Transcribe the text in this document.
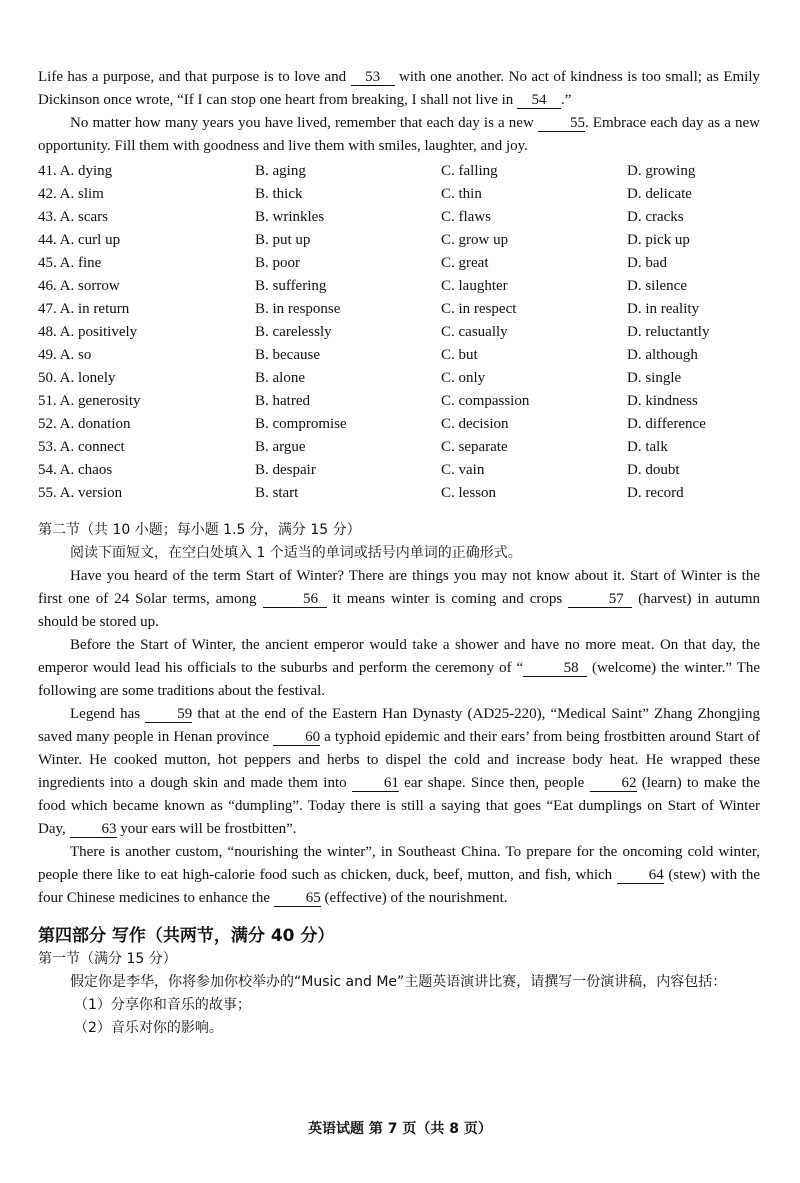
Life has a purpose, and that purpose is to love and 53 with one another. No act of kindness is too small; as Emily Dickinson once wrote, “If I can stop one heart from breaking, I shall not live in 54 .”

No matter how many years you have lived, remember that each day is a new 55. Embrace each day as a new opportunity. Fill them with goodness and live them with smiles, laughter, and joy.

41. A. dying	B. aging	C. falling	D. growing
42. A. slim	B. thick	C. thin	D. delicate
43. A. scars	B. wrinkles	C. flaws	D. cracks
44. A. curl up	B. put up	C. grow up	D. pick up
45. A. fine	B. poor	C. great	D. bad
46. A. sorrow	B. suffering	C. laughter	D. silence
47. A. in return	B. in response	C. in respect	D. in reality
48. A. positively	B. carelessly	C. casually	D. reluctantly
49. A. so	B. because	C. but	D. although
50. A. lonely	B. alone	C. only	D. single
51. A. generosity	B. hatred	C. compassion	D. kindness
52. A. donation	B. compromise	C. decision	D. difference
53. A. connect	B. argue	C. separate	D. talk
54. A. chaos	B. despair	C. vain	D. doubt
55. A. version	B. start	C. lesson	D. record

第二节（共 10 小题；每小题 1.5 分，满分 15 分）

阅读下面短文，在空白处填入 1 个适当的单词或括号内单词的正确形式。

Have you heard of the term Start of Winter? There are things you may not know about it. Start of Winter is the first one of 24 Solar terms, among	56 it means winter is coming and crops	57 (harvest) in autumn should be stored up.

Before the Start of Winter, the ancient emperor would take a shower and have no more meat. On that day, the emperor would lead his officials to the suburbs and perform the ceremony of “	58 (welcome) the winter.” The following are some traditions about the festival.

Legend has 59 that at the end of the Eastern Han Dynasty (AD25-220), “Medical Saint” Zhang Zhongjing saved many people in Henan province 60 a typhoid epidemic and their ears’ from being frostbitten around Start of Winter. He cooked mutton, hot peppers and herbs to dispel the cold and increase body heat. He wrapped these ingredients into a dough skin and made them into 61 ear shape. Since then, people 62 (learn) to make the food which became known as “dumpling”. Today there is still a saying that goes “Eat dumplings on Start of Winter Day, 63 your ears will be frostbitten”.

There is another custom, “nourishing the winter”, in Southeast China. To prepare for the oncoming cold winter, people there like to eat high-calorie food such as chicken, duck, beef, mutton, and fish, which 64 (stew) with the four Chinese medicines to enhance the 65 (effective) of the nourishment.

第四部分 写作（共两节，满分 40 分）

第一节（满分 15 分）

假定你是李华，你将参加你校举办的“Music and Me”主题英语演讲比赛，请撰写一份演讲稿，内容包括：

（1）分享你和音乐的故事；

（2）音乐对你的影响。

英语试题 第 7 页（共 8 页）
